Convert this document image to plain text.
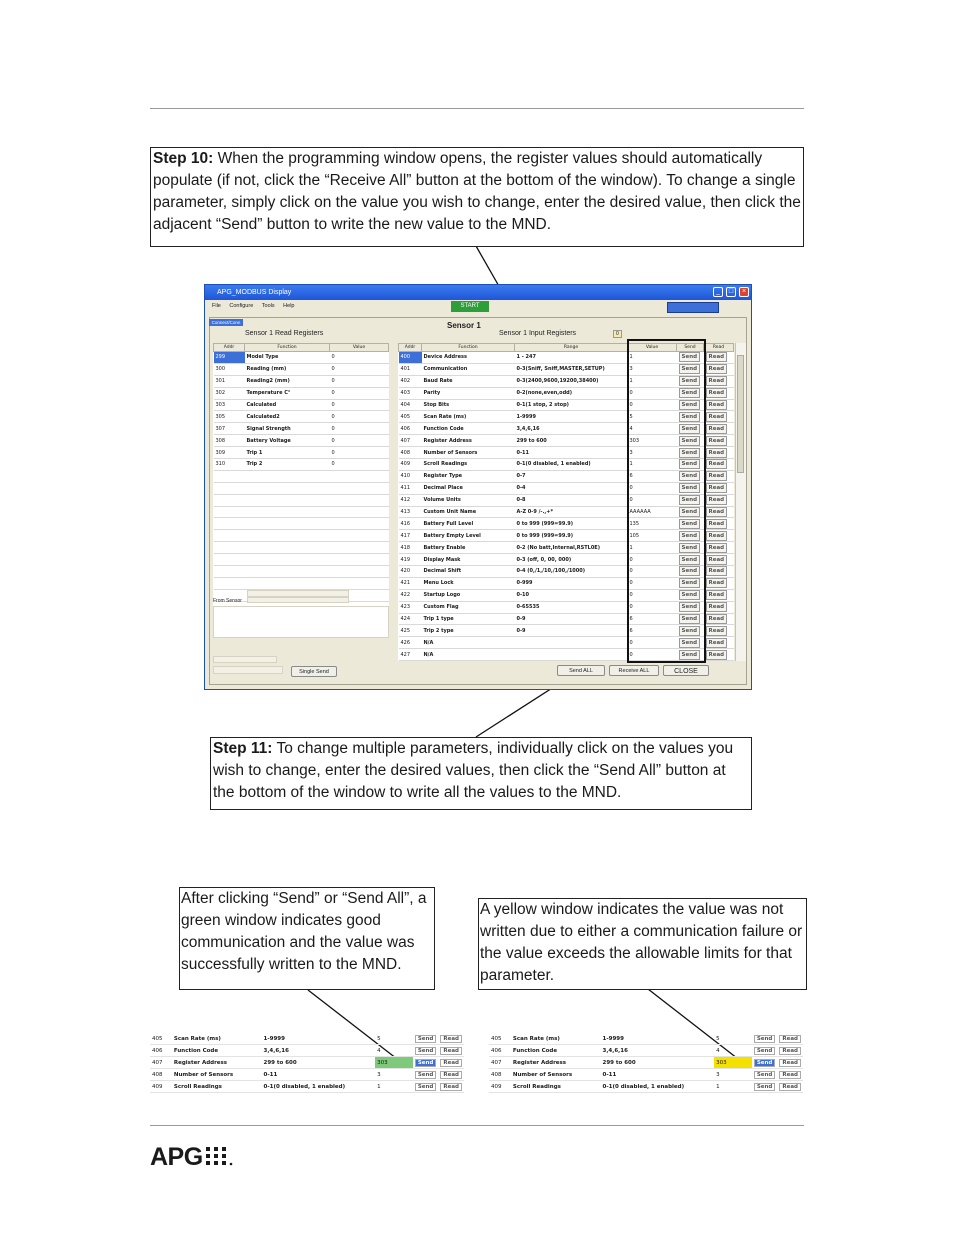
Step 10: When the programming window opens, the register values should automatically populate (if not, click the “Receive All” button at the bottom of the window). To change a single parameter, simply click on the value you wish to change, enter the desired value, then click the adjacent “Send” button to write the new value to the MND.
APG_MODBUS Display	_	□	×
File Configure Tools Help	START
Connect/Conn	Sensor 1
Sensor 1 Read Registers	Sensor 1 Input Registers	0
Addr	Function	Value
299	Model Type	0
300	Reading (mm)	0
301	Reading2 (mm)	0
302	Temperature C°	0
303	Calculated	0
305	Calculated2	0
307	Signal Strength	0
308	Battery Voltage	0
309	Trip 1	0
310	Trip 2	0

From Sensor
Single Send
Addr	Function	Range	Value	Send	Read
400	Device Address	1 - 247	1	Send	Read
401	Communication	0-3(Sniff, Sniff,MASTER,SETUP)	3	Send	Read
402	Baud Rate	0-3(2400,9600,19200,38400)	1	Send	Read
403	Parity	0-2(none,even,odd)	0	Send	Read
404	Stop Bits	0-1(1 stop, 2 stop)	0	Send	Read
405	Scan Rate (ms)	1-9999	5	Send	Read
406	Function Code	3,4,6,16	4	Send	Read
407	Register Address	299 to 600	303	Send	Read
408	Number of Sensors	0-11	3	Send	Read
409	Scroll Readings	0-1(0 disabled, 1 enabled)	1	Send	Read
410	Register Type	0-7	6	Send	Read
411	Decimal Place	0-4	0	Send	Read
412	Volume Units	0-8	0	Send	Read
413	Custom Unit Name	A-Z 0-9 /-.,+*	AAAAAA	Send	Read
416	Battery Full Level	0 to 999 (999=99.9)	135	Send	Read
417	Battery Empty Level	0 to 999 (999=99.9)	105	Send	Read
418	Battery Enable	0-2 (No batt,Internal,RSTL0E)	1	Send	Read
419	Display Mask	0-3 (off, 0, 00, 000)	0	Send	Read
420	Decimal Shift	0-4 (0,/1,/10,/100,/1000)	0	Send	Read
421	Menu Lock	0-999	0	Send	Read
422	Startup Logo	0-10	0	Send	Read
423	Custom Flag	0-65535	0	Send	Read
424	Trip 1 type	0-9	6	Send	Read
425	Trip 2 type	0-9	6	Send	Read
426	N/A		0	Send	Read
427	N/A		0	Send	Read
Send ALL	Receive ALL	CLOSE
Step 11: To change multiple parameters, individually click on the values you wish to change, enter the desired values, then click the “Send All” button at the bottom of the window to write all the values to the MND.
After clicking “Send” or “Send All”, a green window indicates good communication and the value was successfully written to the MND.
A yellow window indicates the value was not written due to either a communication failure or the value exceeds the allowable limits for that parameter.
405	Scan Rate (ms)	1-9999	5	Send	Read
406	Function Code	3,4,6,16	4	Send	Read
407	Register Address	299 to 600	303	Send	Read
408	Number of Sensors	0-11	3	Send	Read
409	Scroll Readings	0-1(0 disabled, 1 enabled)	1	Send	Read
405	Scan Rate (ms)	1-9999	5	Send	Read
406	Function Code	3,4,6,16	4	Send	Read
407	Register Address	299 to 600	303	Send	Read
408	Number of Sensors	0-11	3	Send	Read
409	Scroll Readings	0-1(0 disabled, 1 enabled)	1	Send	Read
APG
